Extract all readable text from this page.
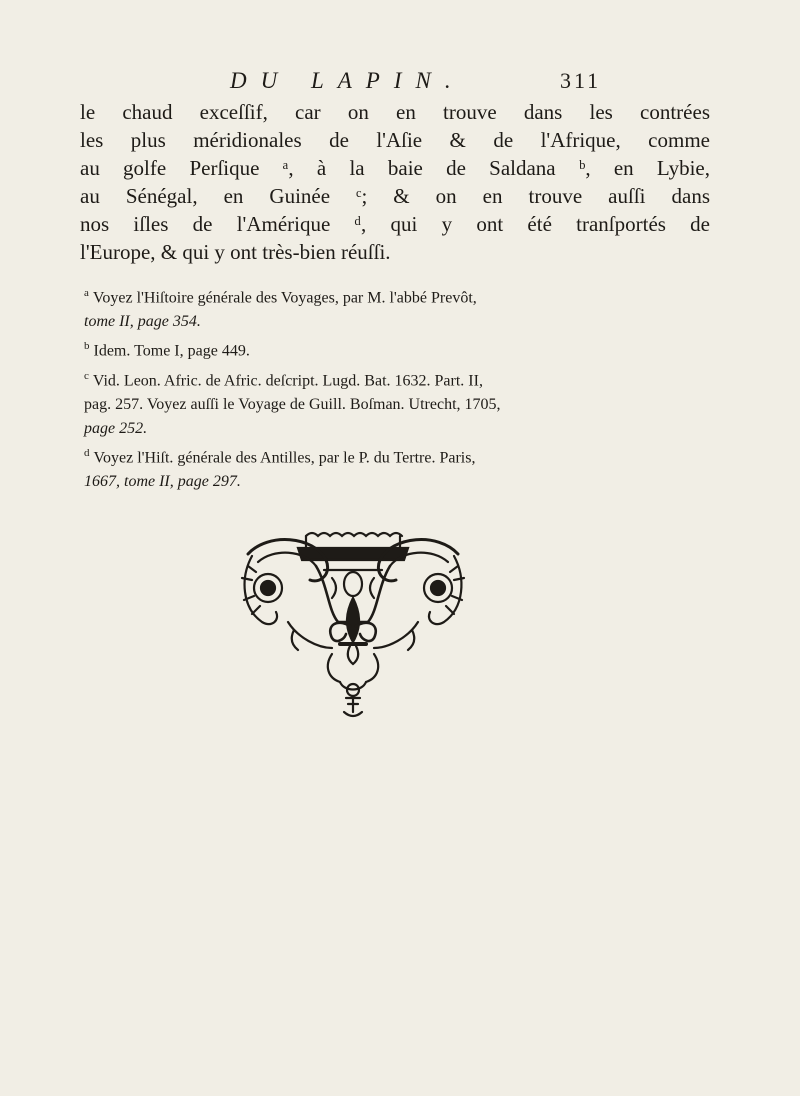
DU LAPIN.	311
le chaud exceſſif, car on en trouve dans les contrées
les plus méridionales de l'Aſie & de l'Afrique, comme
au golfe Perſique ᵃ, à la baie de Saldana ᵇ, en Lybie,
au Sénégal, en Guinée ᶜ; & on en trouve auſſi dans
nos iſles de l'Amérique ᵈ, qui y ont été tranſportés de
l'Europe, & qui y ont très-bien réuſſi.
$^a$ Voyez l'Hiſtoire générale des Voyages, par M. l'abbé Prevôt,
tome II, page 354.
$^b$ Idem. Tome I, page 449.
$^c$ Vid. Leon. Afric. de Afric. deſcript. Lugd. Bat. 1632. Part. II,
pag. 257. Voyez auſſi le Voyage de Guill. Boſman. Utrecht, 1705,
page 252.
$^d$ Voyez l'Hiſt. générale des Antilles, par le P. du Tertre. Paris,
1667, tome II, page 297.
